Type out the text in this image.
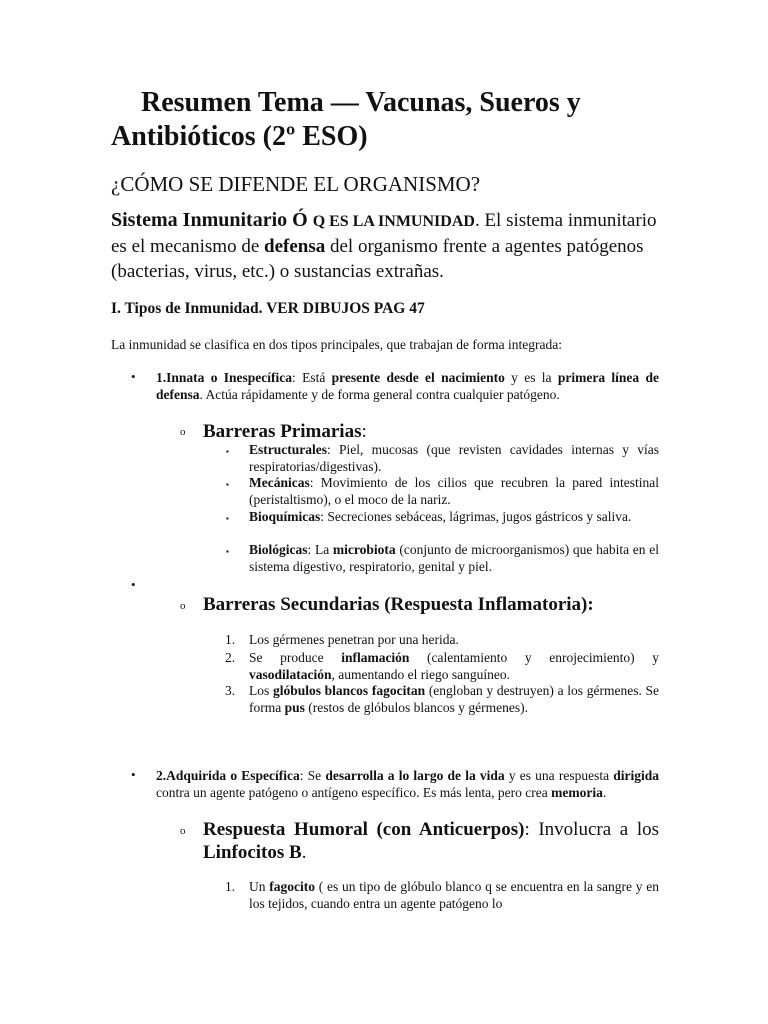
Resumen Tema — Vacunas, Sueros y Antibióticos (2º ESO)
¿CÓMO SE DIFENDE EL ORGANISMO?

Sistema Inmunitario Ó Q ES LA INMUNIDAD. El sistema inmunitario es el mecanismo de defensa del organismo frente a agentes patógenos (bacterias, virus, etc.) o sustancias extrañas.

I. Tipos de Inmunidad. VER DIBUJOS PAG 47

La inmunidad se clasifica en dos tipos principales, que trabajan de forma integrada:

• 1.Innata o Inespecífica: Está presente desde el nacimiento y es la primera línea de defensa. Actúa rápidamente y de forma general contra cualquier patógeno.
o Barreras Primarias:
▪ Estructurales: Piel, mucosas (que revisten cavidades internas y vías respiratorias/digestivas).
▪ Mecánicas: Movimiento de los cilios que recubren la pared intestinal (peristaltismo), o el moco de la nariz.
▪ Bioquímicas: Secreciones sebáceas, lágrimas, jugos gástricos y saliva.
▪ Biológicas: La microbiota (conjunto de microorganismos) que habita en el sistema digestivo, respiratorio, genital y piel.
•
o Barreras Secundarias (Respuesta Inflamatoria):
1. Los gérmenes penetran por una herida.
2. Se produce inflamación (calentamiento y enrojecimiento) y vasodilatación, aumentando el riego sanguíneo.
3. Los glóbulos blancos fagocitan (engloban y destruyen) a los gérmenes. Se forma pus (restos de glóbulos blancos y gérmenes).
• 2.Adquirida o Específica: Se desarrolla a lo largo de la vida y es una respuesta dirigida contra un agente patógeno o antígeno específico. Es más lenta, pero crea memoria.
o Respuesta Humoral (con Anticuerpos): Involucra a los Linfocitos B.
1. Un fagocito ( es un tipo de glóbulo blanco q se encuentra en la sangre y en los tejidos, cuando entra un agente patógeno lo
